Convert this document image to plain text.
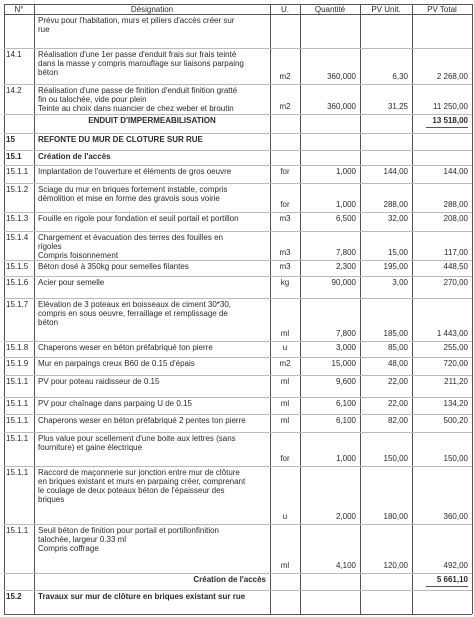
N°	Désignation	U.	Quantité	PV Unit.	PV Total
Prévu pour l'habitation, murs et piliers d'accès créer sur
rue
14.1	Réalisation d'une 1er passe d'enduit frais sur frais teinté
dans la masse y compris marouflage sur liaisons parpaing
béton	m2	360,000	6,30	2 268,00
14.2	Réalisation d'une passe de finition d'enduit finition gratté
fin ou talochée, vide pour plein
Teinte au choix dans nuancier de chez weber et broutin	m2	360,000	31,25	11 250,00
ENDUIT D'IMPERMEABILISATION	13 518,00
15	REFONTE DU MUR DE CLOTURE SUR RUE
15.1	Création de l'accès
15.1.1	Implantation de l'ouverture et éléments de gros oeuvre	for	1,000	144,00	144,00
15.1.2	Sciage du mur en briques fortement instable, compris
démolition et mise en forme des gravois sous voirie
for	1,000	288,00	288,00
15.1.3	Fouille en rigole pour fondation et seuil portail et portillon	m3	6,500	32,00	208,00
15.1.4	Chargement et évacuation des terres des fouilles en
rigoles
Compris foisonnement	m3	7,800	15,00	117,00
15.1.5	Béton dosé à 350kg pour semelles filantes	m3	2,300	195,00	448,50
15.1.6	Acier pour semelle	kg	90,000	3,00	270,00
15.1.7	Elévation de 3 poteaux en boisseaux de ciment 30*30,
compris en sous oeuvre, ferraillage et remplissage de
béton
ml	7,800	185,00	1 443,00
15.1.8	Chaperons weser en béton préfabriqué ton pierre	u	3,000	85,00	255,00
15.1.9	Mur en parpaings creux B60 de 0.15 d'épais	m2	15,000	48,00	720,00
15.1.1	PV pour poteau raidisseur de 0.15	ml	9,600	22,00	211,20
15.1.1	PV pour chaînage dans parpaing U de 0.15	ml	6,100	22,00	134,20
15.1.1	Chaperons weser en béton préfabriqué 2 pentes ton pierre	ml	6,100	82,00	500,20
15.1.1	Plus value pour scellement d'une boite aux lettres (sans
fourniture) et gaine électrique
for	1,000	150,00	150,00
15.1.1	Raccord de maçonnerie sur jonction entre mur de clôture
en briques existant et murs en parpaing créer, comprenant
le coulage de deux poteaux béton de l'épaisseur des
briques
u	2,000	180,00	360,00
15.1.1	Seuil béton de finition pour portail et portillonfinition
talochée, largeur 0.33 ml
Compris coffrage
ml	4,100	120,00	492,00
Création de l'accès	5 661,10
15.2	Travaux sur mur de clôture en briques existant sur rue
